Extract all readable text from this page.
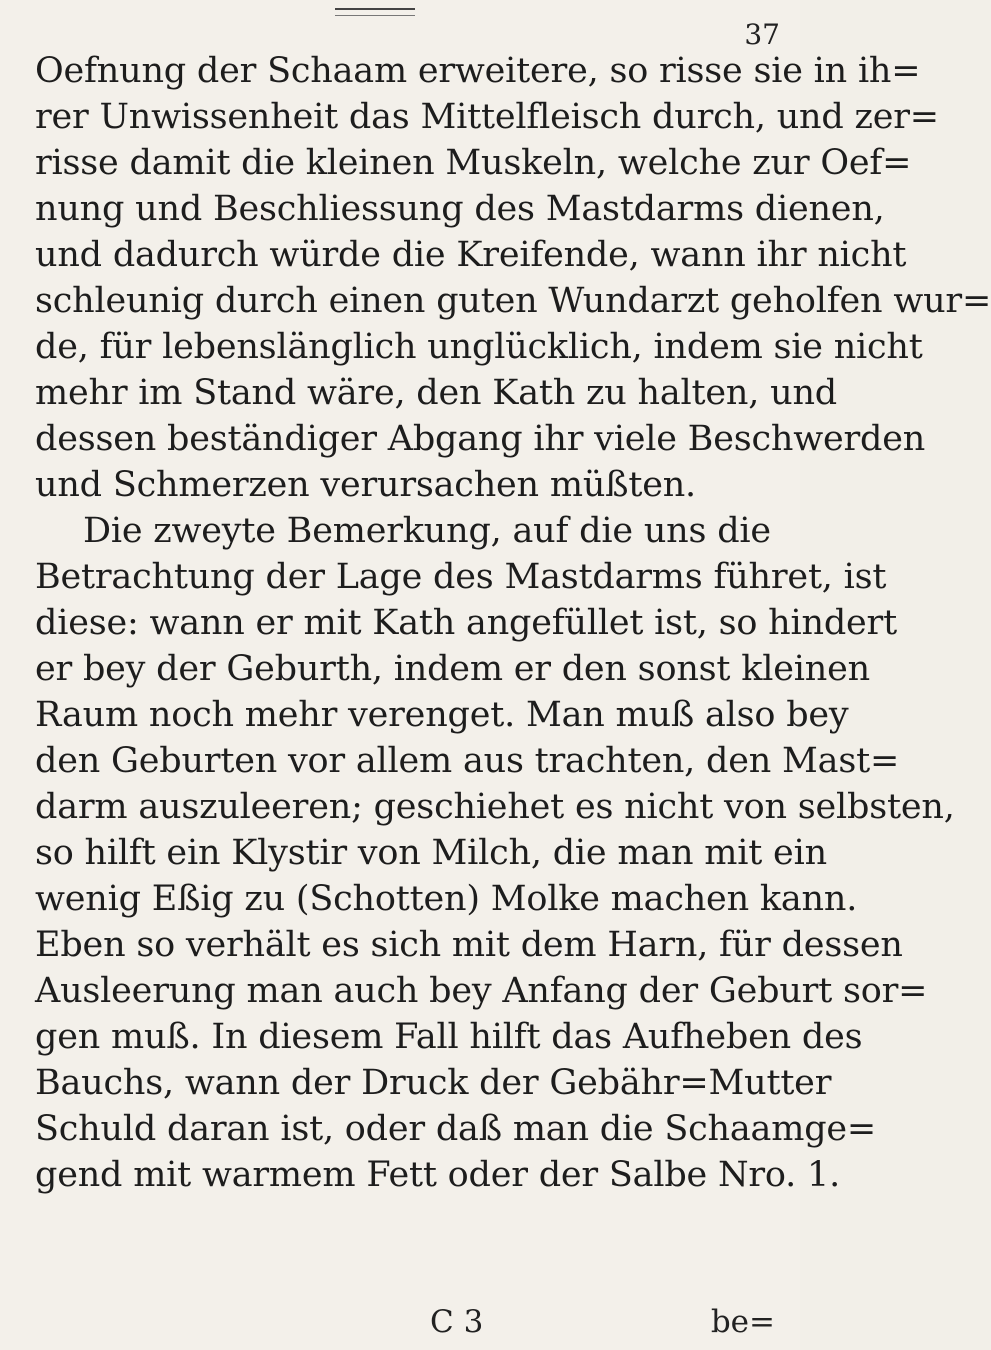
37
Oefnung der Schaam erweitere, so risse sie in ih=
rer Unwissenheit das Mittelfleisch durch, und zer=
risse damit die kleinen Muskeln, welche zur Oef=
nung und Beschliessung des Mastdarms dienen,
und dadurch würde die Kreifende, wann ihr nicht
schleunig durch einen guten Wundarzt geholfen wur=
de, für lebenslänglich unglücklich, indem sie nicht
mehr im Stand wäre, den Kath zu halten, und
dessen beständiger Abgang ihr viele Beschwerden
und Schmerzen verursachen müßten.
Die zweyte Bemerkung, auf die uns die
Betrachtung der Lage des Mastdarms führet, ist
diese: wann er mit Kath angefüllet ist, so hindert
er bey der Geburth, indem er den sonst kleinen
Raum noch mehr verenget. Man muß also bey
den Geburten vor allem aus trachten, den Mast=
darm auszuleeren; geschiehet es nicht von selbsten,
so hilft ein Klystir von Milch, die man mit ein
wenig Eßig zu (Schotten) Molke machen kann.
Eben so verhält es sich mit dem Harn, für dessen
Ausleerung man auch bey Anfang der Geburt sor=
gen muß. In diesem Fall hilft das Aufheben des
Bauchs, wann der Druck der Gebähr=Mutter
Schuld daran ist, oder daß man die Schaamge=
gend mit warmem Fett oder der Salbe Nro. 1.
C 3	be=
